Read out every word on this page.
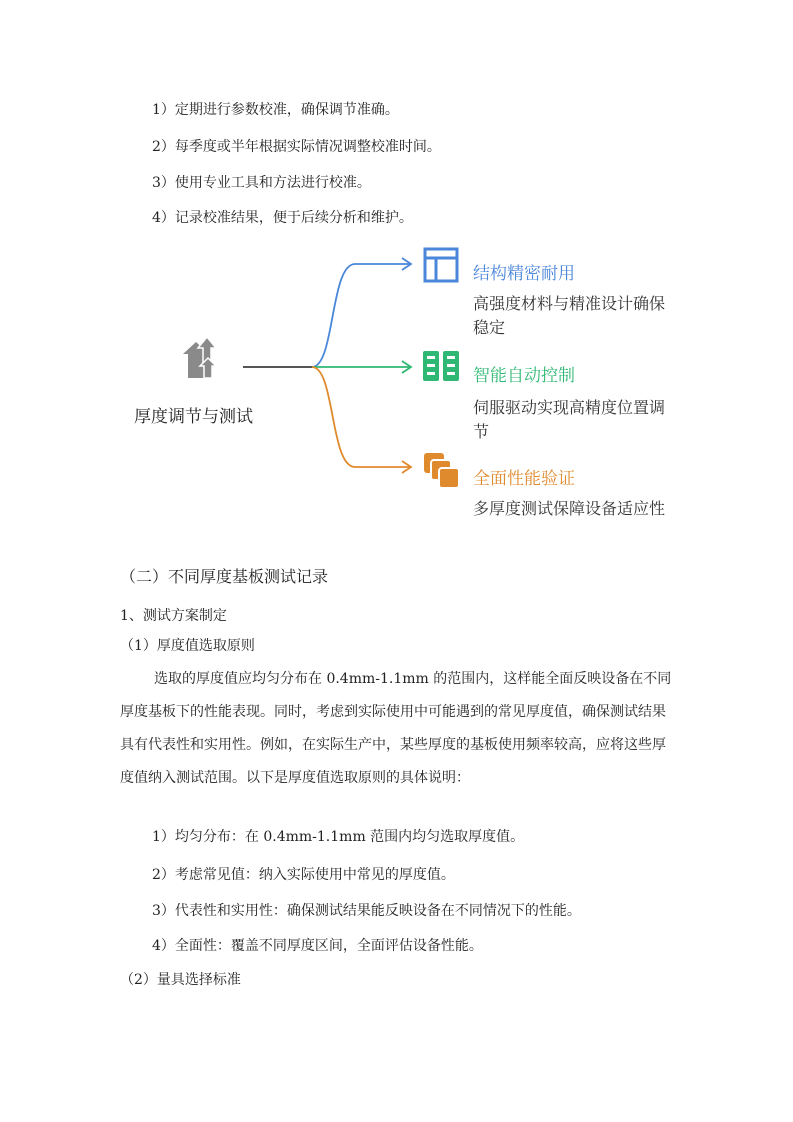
1）定期进行参数校准，确保调节准确。
2）每季度或半年根据实际情况调整校准时间。
3）使用专业工具和方法进行校准。
4）记录校准结果，便于后续分析和维护。
厚度调节与测试
结构精密耐用
高强度材料与精准设计确保稳定
智能自动控制
伺服驱动实现高精度位置调节
全面性能验证
多厚度测试保障设备适应性
（二）不同厚度基板测试记录
1、测试方案制定
（1）厚度值选取原则
选取的厚度值应均匀分布在 0.4mm-1.1mm 的范围内，这样能全面反映设备在不同厚度基板下的性能表现。同时，考虑到实际使用中可能遇到的常见厚度值，确保测试结果具有代表性和实用性。例如，在实际生产中，某些厚度的基板使用频率较高，应将这些厚度值纳入测试范围。以下是厚度值选取原则的具体说明：
1）均匀分布：在 0.4mm-1.1mm 范围内均匀选取厚度值。
2）考虑常见值：纳入实际使用中常见的厚度值。
3）代表性和实用性：确保测试结果能反映设备在不同情况下的性能。
4）全面性：覆盖不同厚度区间，全面评估设备性能。
（2）量具选择标准
